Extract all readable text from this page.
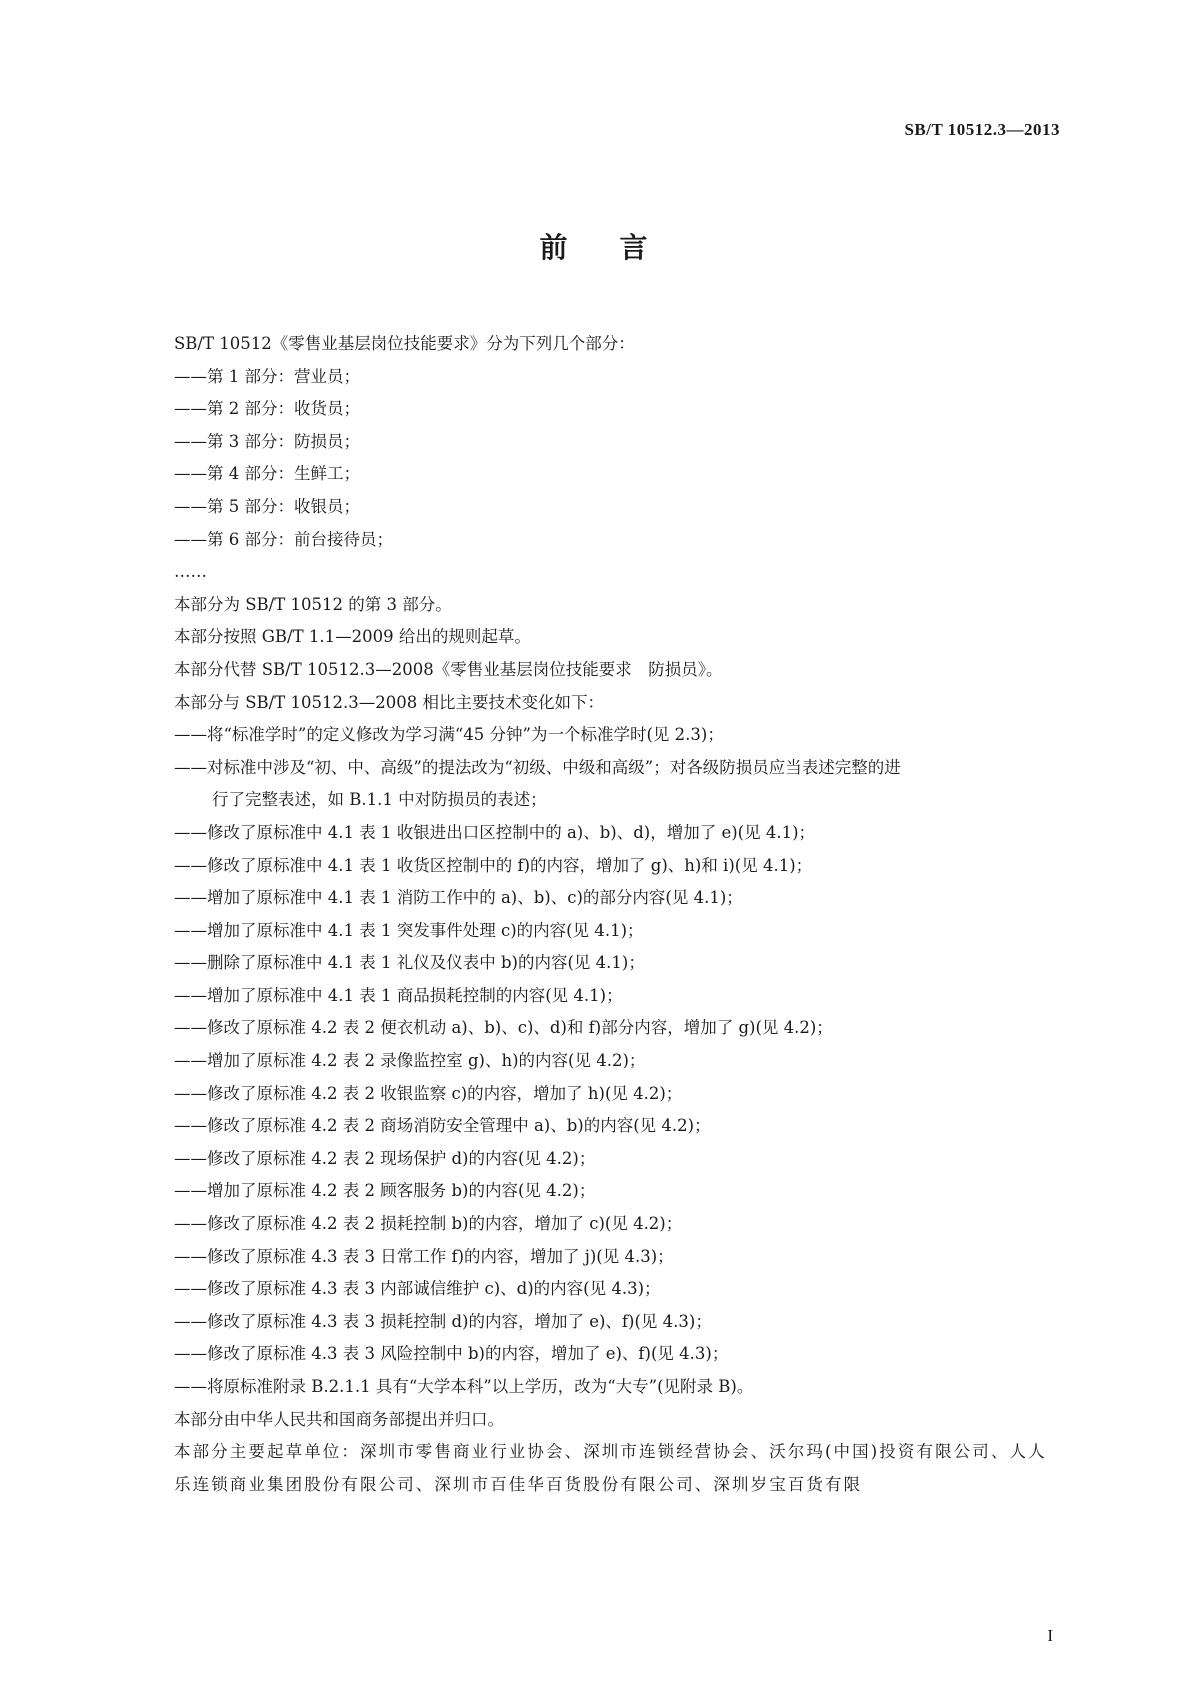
SB/T 10512.3—2013
前 言
SB/T 10512《零售业基层岗位技能要求》分为下列几个部分：
——第 1 部分：营业员；
——第 2 部分：收货员；
——第 3 部分：防损员；
——第 4 部分：生鲜工；
——第 5 部分：收银员；
——第 6 部分：前台接待员；
……
本部分为 SB/T 10512 的第 3 部分。
本部分按照 GB/T 1.1—2009 给出的规则起草。
本部分代替 SB/T 10512.3—2008《零售业基层岗位技能要求　防损员》。
本部分与 SB/T 10512.3—2008 相比主要技术变化如下：
——将“标准学时”的定义修改为学习满“45 分钟”为一个标准学时(见 2.3)；
——对标准中涉及“初、中、高级”的提法改为“初级、中级和高级”；对各级防损员应当表述完整的进
行了完整表述，如 B.1.1 中对防损员的表述；
——修改了原标准中 4.1 表 1 收银进出口区控制中的 a)、b)、d)，增加了 e)(见 4.1)；
——修改了原标准中 4.1 表 1 收货区控制中的 f)的内容，增加了 g)、h)和 i)(见 4.1)；
——增加了原标准中 4.1 表 1 消防工作中的 a)、b)、c)的部分内容(见 4.1)；
——增加了原标准中 4.1 表 1 突发事件处理 c)的内容(见 4.1)；
——删除了原标准中 4.1 表 1 礼仪及仪表中 b)的内容(见 4.1)；
——增加了原标准中 4.1 表 1 商品损耗控制的内容(见 4.1)；
——修改了原标准 4.2 表 2 便衣机动 a)、b)、c)、d)和 f)部分内容，增加了 g)(见 4.2)；
——增加了原标准 4.2 表 2 录像监控室 g)、h)的内容(见 4.2)；
——修改了原标准 4.2 表 2 收银监察 c)的内容，增加了 h)(见 4.2)；
——修改了原标准 4.2 表 2 商场消防安全管理中 a)、b)的内容(见 4.2)；
——修改了原标准 4.2 表 2 现场保护 d)的内容(见 4.2)；
——增加了原标准 4.2 表 2 顾客服务 b)的内容(见 4.2)；
——修改了原标准 4.2 表 2 损耗控制 b)的内容，增加了 c)(见 4.2)；
——修改了原标准 4.3 表 3 日常工作 f)的内容，增加了 j)(见 4.3)；
——修改了原标准 4.3 表 3 内部诚信维护 c)、d)的内容(见 4.3)；
——修改了原标准 4.3 表 3 损耗控制 d)的内容，增加了 e)、f)(见 4.3)；
——修改了原标准 4.3 表 3 风险控制中 b)的内容，增加了 e)、f)(见 4.3)；
——将原标准附录 B.2.1.1 具有“大学本科”以上学历，改为“大专”(见附录 B)。
本部分由中华人民共和国商务部提出并归口。
本部分主要起草单位：深圳市零售商业行业协会、深圳市连锁经营协会、沃尔玛(中国)投资有限公司、人人乐连锁商业集团股份有限公司、深圳市百佳华百货股份有限公司、深圳岁宝百货有限
I
